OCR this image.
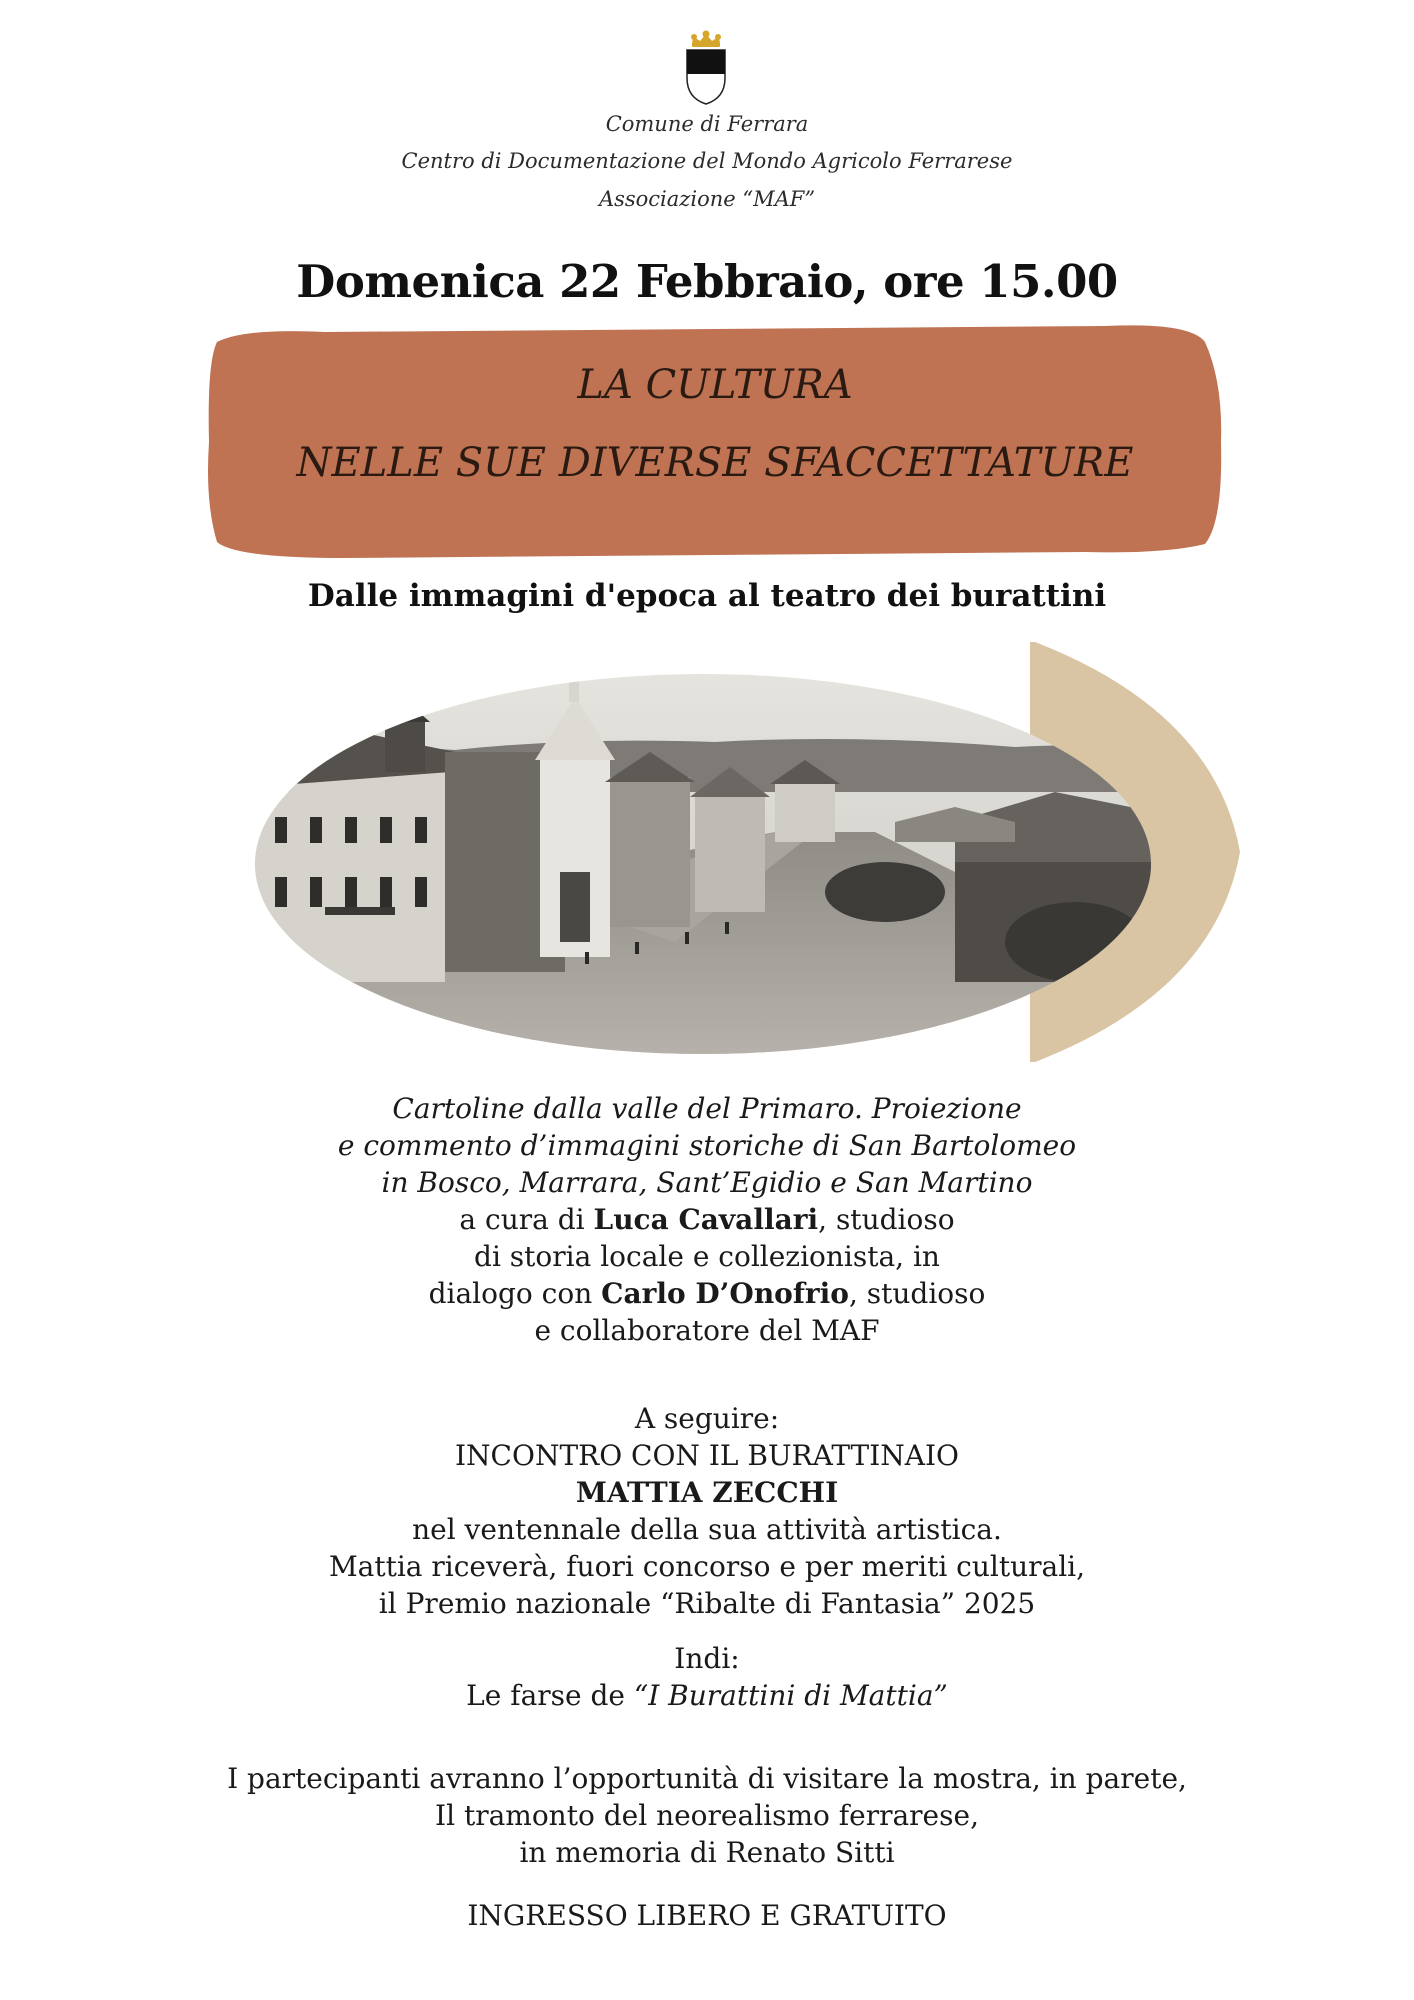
Comune di Ferrara
Centro di Documentazione del Mondo Agricolo Ferrarese
Associazione “MAF”
Domenica 22 Febbraio, ore 15.00
LA CULTURA
NELLE SUE DIVERSE SFACCETTATURE
Dalle immagini d'epoca al teatro dei burattini
Cartoline dalla valle del Primaro. Proiezione
e commento d’immagini storiche di San Bartolomeo
in Bosco, Marrara, Sant’Egidio e San Martino
a cura di Luca Cavallari, studioso
di storia locale e collezionista, in
dialogo con Carlo D’Onofrio, studioso
e collaboratore del MAF
A seguire:
INCONTRO CON IL BURATTINAIO
MATTIA ZECCHI
nel ventennale della sua attività artistica.
Mattia riceverà, fuori concorso e per meriti culturali,
il Premio nazionale “Ribalte di Fantasia” 2025
Indi:
Le farse de “I Burattini di Mattia”
I partecipanti avranno l’opportunità di visitare la mostra, in parete,
Il tramonto del neorealismo ferrarese,
in memoria di Renato Sitti
INGRESSO LIBERO E GRATUITO
